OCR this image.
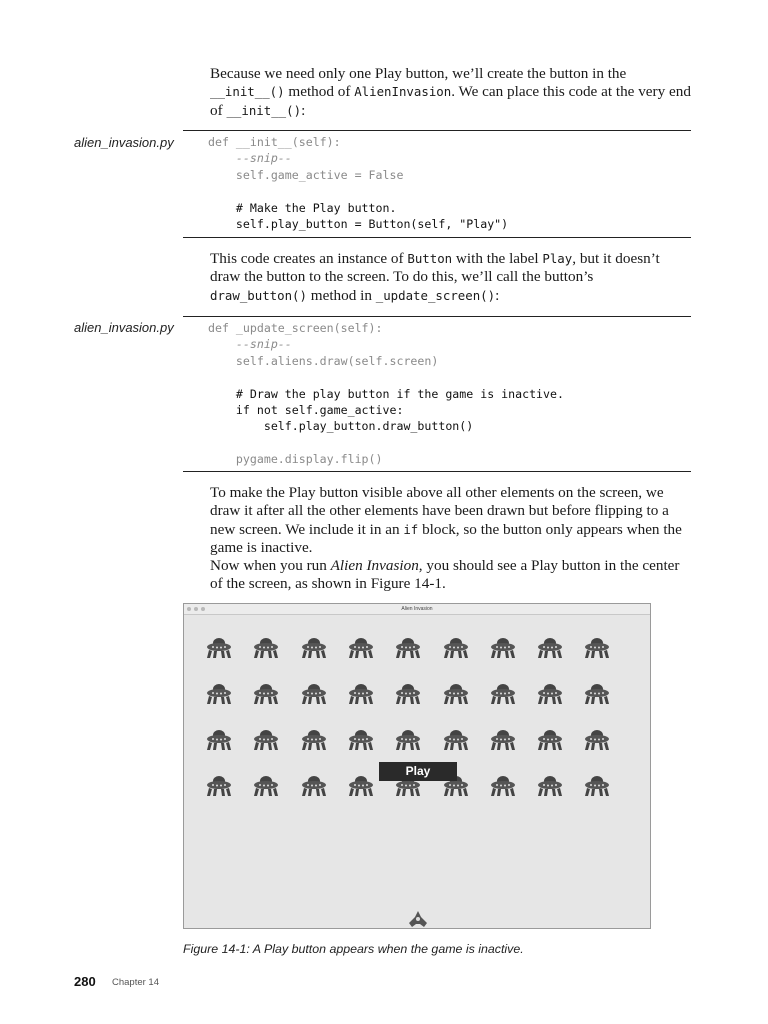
Because we need only one Play button, we’ll create the button in the __init__() method of AlienInvasion. We can place this code at the very end of __init__():
alien_invasion.py	def __init__(self):
--snip--
self.game_active = False
# Make the Play button.
self.play_button = Button(self, "Play")
This code creates an instance of Button with the label Play, but it doesn’t draw the button to the screen. To do this, we’ll call the button’s draw_button() method in _update_screen():
alien_invasion.py	def _update_screen(self):
--snip--
self.aliens.draw(self.screen)
# Draw the play button if the game is inactive.
if not self.game_active:
self.play_button.draw_button()
pygame.display.flip()
To make the Play button visible above all other elements on the screen, we draw it after all the other elements have been drawn but before flipping to a new screen. We include it in an if block, so the button only appears when the game is inactive.
Now when you run Alien Invasion, you should see a Play button in the center of the screen, as shown in Figure 14-1.
Alien Invasion
Play
Figure 14-1: A Play button appears when the game is inactive.
280 Chapter 14
